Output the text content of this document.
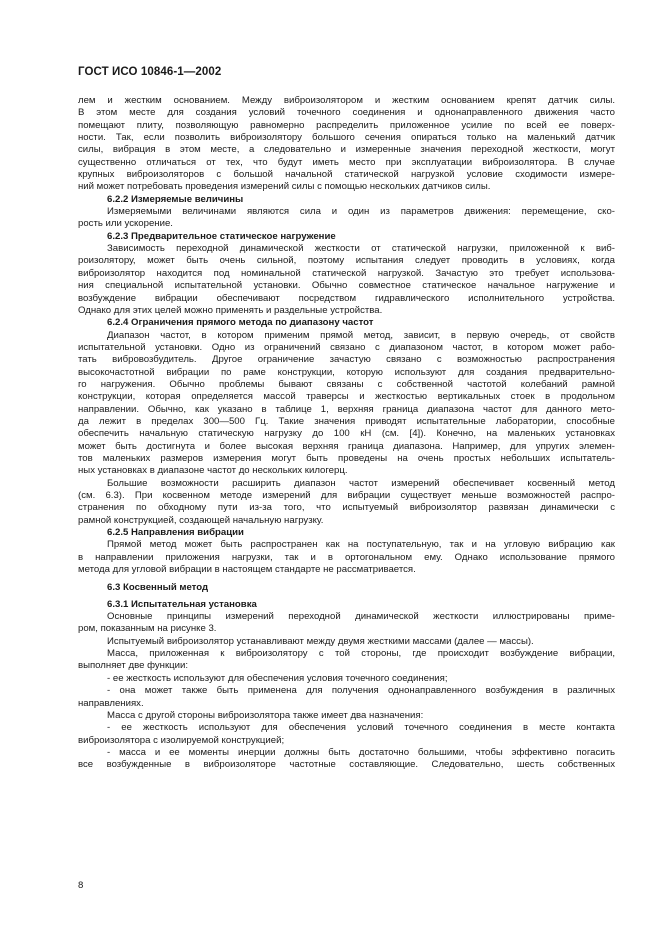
ГОСТ ИСО 10846-1—2002

лем и жестким основанием. Между виброизолятором и жестким основанием крепят датчик силы.

В этом месте для создания условий точечного соединения и однонаправленного движения часто

помещают плиту, позволяющую равномерно распределить приложенное усилие по всей ее поверх-

ности. Так, если позволить виброизолятору большого сечения опираться только на маленький датчик

силы, вибрация в этом месте, а следовательно и измеренные значения переходной жесткости, могут

существенно отличаться от тех, что будут иметь место при эксплуатации виброизолятора. В случае

крупных виброизоляторов с большой начальной статической нагрузкой условие сходимости измере-

ний может потребовать проведения измерений силы с помощью нескольких датчиков силы.

6.2.2 Измеряемые величины

Измеряемыми величинами являются сила и один из параметров движения: перемещение, ско-

рость или ускорение.

6.2.3 Предварительное статическое нагружение

Зависимость переходной динамической жесткости от статической нагрузки, приложенной к виб-

роизолятору, может быть очень сильной, поэтому испытания следует проводить в условиях, когда

виброизолятор находится под номинальной статической нагрузкой. Зачастую это требует использова-

ния специальной испытательной установки. Обычно совместное статическое начальное нагружение и

возбуждение вибрации обеспечивают посредством гидравлического исполнительного устройства.

Однако для этих целей можно применять и раздельные устройства.

6.2.4 Ограничения прямого метода по диапазону частот

Диапазон частот, в котором применим прямой метод, зависит, в первую очередь, от свойств

испытательной установки. Одно из ограничений связано с диапазоном частот, в котором может рабо-

тать вибровозбудитель. Другое ограничение зачастую связано с возможностью распространения

высокочастотной вибрации по раме конструкции, которую используют для создания предварительно-

го нагружения. Обычно проблемы бывают связаны с собственной частотой колебаний рамной

конструкции, которая определяется массой траверсы и жесткостью вертикальных стоек в продольном

направлении. Обычно, как указано в таблице 1, верхняя граница диапазона частот для данного мето-

да лежит в пределах 300—500 Гц. Такие значения приводят испытательные лаборатории, способные

обеспечить начальную статическую нагрузку до 100 кН (см. [4]). Конечно, на маленьких установках

может быть достигнута и более высокая верхняя граница диапазона. Например, для упругих элемен-

тов маленьких размеров измерения могут быть проведены на очень простых небольших испытатель-

ных установках в диапазоне частот до нескольких килогерц.

Большие возможности расширить диапазон частот измерений обеспечивает косвенный метод

(см. 6.3). При косвенном методе измерений для вибрации существует меньше возможностей распро-

странения по обходному пути из-за того, что испытуемый виброизолятор развязан динамически с

рамной конструкцией, создающей начальную нагрузку.

6.2.5 Направления вибрации

Прямой метод может быть распространен как на поступательную, так и на угловую вибрацию как

в направлении приложения нагрузки, так и в ортогональном ему. Однако использование прямого

метода для угловой вибрации в настоящем стандарте не рассматривается.

6.3 Косвенный метод

6.3.1 Испытательная установка

Основные принципы измерений переходной динамической жесткости иллюстрированы приме-

ром, показанным на рисунке 3.

Испытуемый виброизолятор устанавливают между двумя жесткими массами (далее — массы).

Масса, приложенная к виброизолятору с той стороны, где происходит возбуждение вибрации,

выполняет две функции:

- ее жесткость используют для обеспечения условия точечного соединения;

- она может также быть применена для получения однонаправленного возбуждения в различных

направлениях.

Масса с другой стороны виброизолятора также имеет два назначения:

- ее жесткость используют для обеспечения условий точечного соединения в месте контакта

виброизолятора с изолируемой конструкцией;

- масса и ее моменты инерции должны быть достаточно большими, чтобы эффективно погасить

все возбужденные в виброизоляторе частотные составляющие. Следовательно, шесть собственных

8
